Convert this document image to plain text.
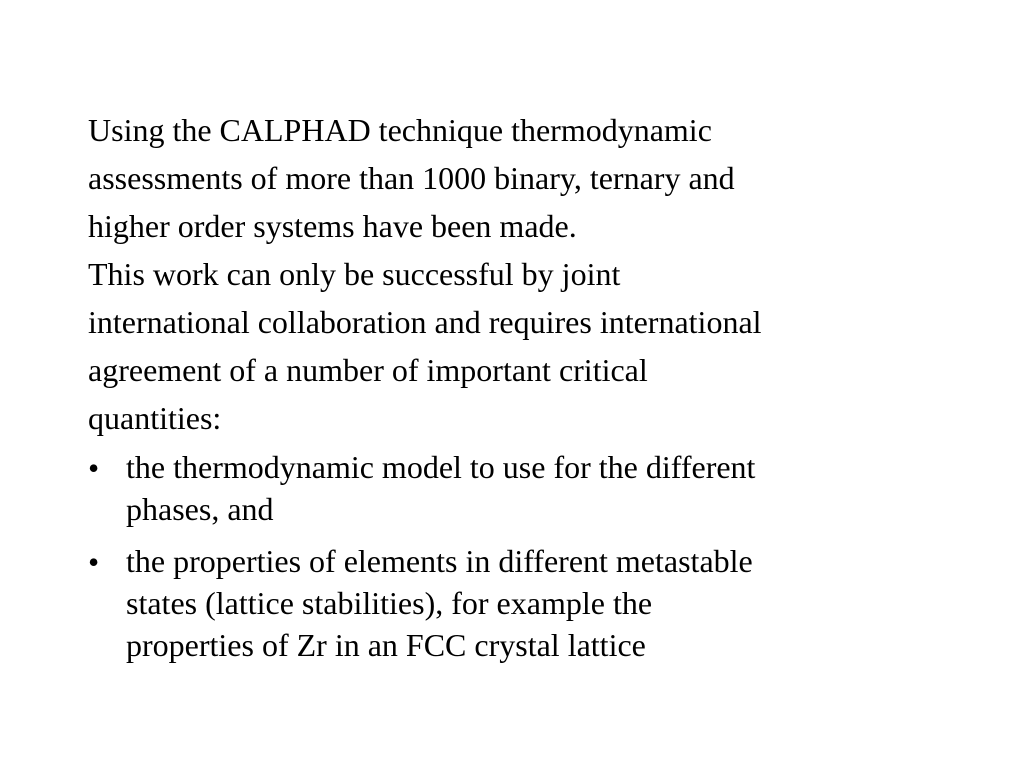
Using the CALPHAD technique thermodynamic

assessments of more than 1000 binary, ternary and

higher order systems have been made.

This work can only be successful by joint

international collaboration and requires international

agreement of a number of important critical

quantities:

• the thermodynamic model to use for the different
phases, and
• the properties of elements in different metastable
states (lattice stabilities), for example the
properties of Zr in an FCC crystal lattice
